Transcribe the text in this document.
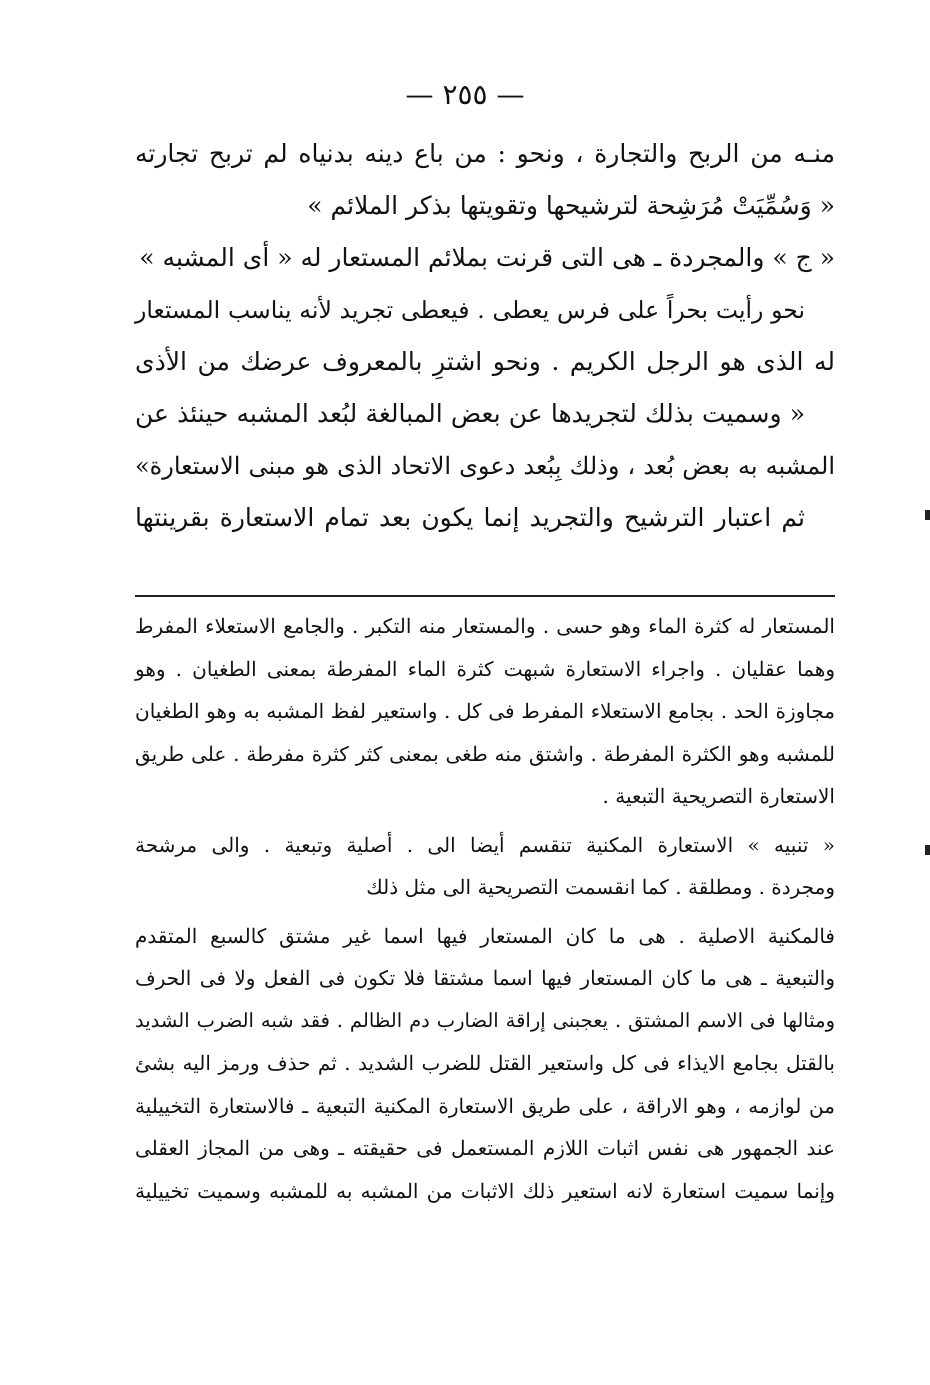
— ٢٥٥ —
منـه من الربح والتجارة ، ونحو : من باع دينه بدنياه لم تربح تجارته
« وَسُمِّيَتْ مُرَشِحة لترشيحها وتقويتها بذكر الملائم »
« ج » والمجردة ـ هى التى قرنت بملائم المستعار له « أى المشبه »
نحو رأيت بحراً على فرس يعطى . فيعطى تجريد لأنه يناسب المستعار
له الذى هو الرجل الكريم . ونحو اشترِ بالمعروف عرضك من الأذى
« وسميت بذلك لتجريدها عن بعض المبالغة لبُعد المشبه حينئذ عن
المشبه به بعض بُعد ، وذلك بِبُعد دعوى الاتحاد الذى هو مبنى الاستعارة»
ثم اعتبار الترشيح والتجريد إنما يكون بعد تمام الاستعارة بقرينتها
المستعار له كثرة الماء وهو حسى . والمستعار منه التكبر . والجامع الاستعلاء المفرط
وهما عقليان . واجراء الاستعارة شبهت كثرة الماء المفرطة بمعنى الطغيان . وهو
مجاوزة الحد . بجامع الاستعلاء المفرط فى كل . واستعير لفظ المشبه به وهو الطغيان
للمشبه وهو الكثرة المفرطة . واشتق منه طغى بمعنى كثر كثرة مفرطة . على طريق
الاستعارة التصريحية التبعية .
« تنبيه » الاستعارة المكنية تنقسم أيضا الى . أصلية وتبعية . والى مرشحة
ومجردة . ومطلقة . كما انقسمت التصريحية الى مثل ذلك
فالمكنية الاصلية . هى ما كان المستعار فيها اسما غير مشتق كالسبع المتقدم
والتبعية ـ هى ما كان المستعار فيها اسما مشتقا فلا تكون فى الفعل ولا فى الحرف
ومثالها فى الاسم المشتق . يعجبنى إراقة الضارب دم الظالم . فقد شبه الضرب الشديد
بالقتل بجامع الايذاء فى كل واستعير القتل للضرب الشديد . ثم حذف ورمز اليه بشئ
من لوازمه ، وهو الاراقة ، على طريق الاستعارة المكنية التبعية ـ فالاستعارة التخييلية
عند الجمهور هى نفس اثبات اللازم المستعمل فى حقيقته ـ وهى من المجاز العقلى
وإنما سميت استعارة لانه استعير ذلك الاثبات من المشبه به للمشبه وسميت تخييلية
